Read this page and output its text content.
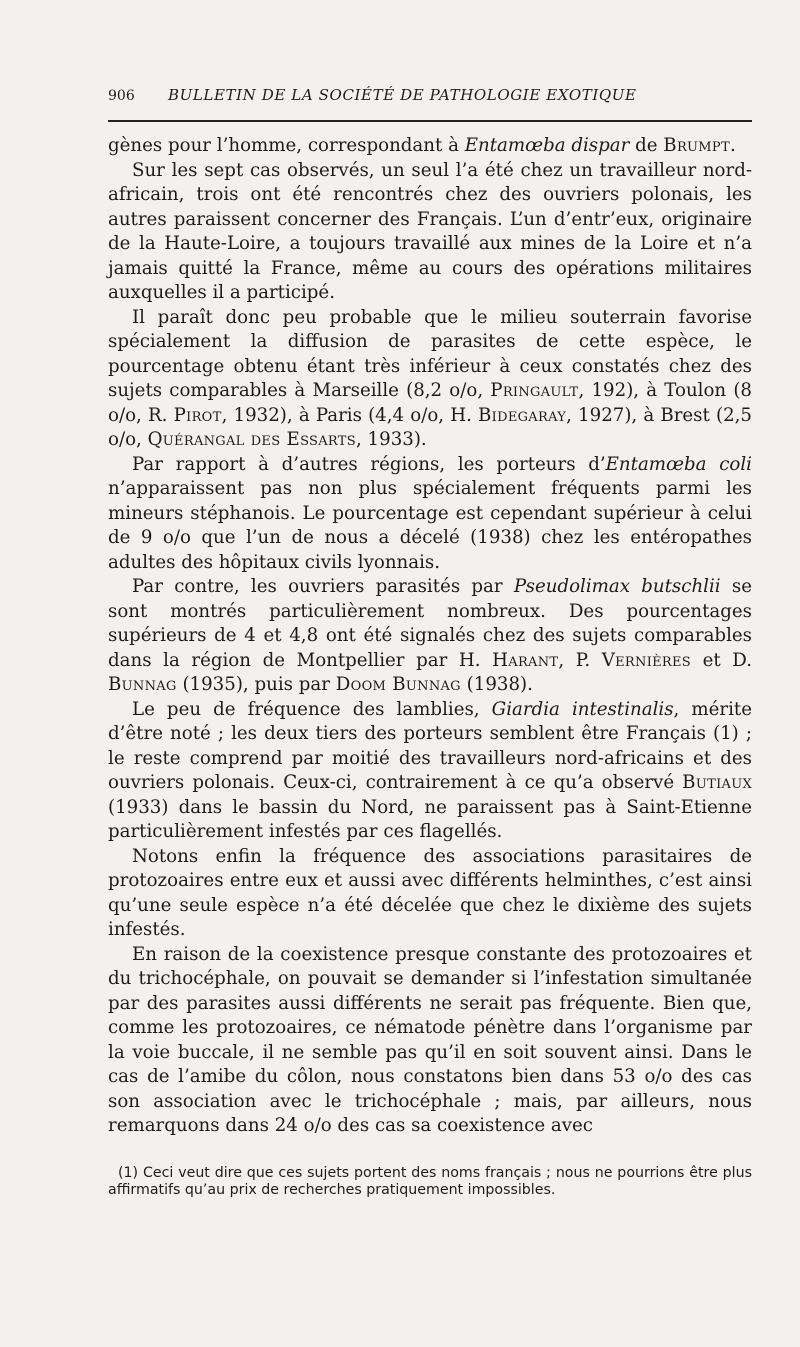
906	BULLETIN DE LA SOCIÉTÉ DE PATHOLOGIE EXOTIQUE

gènes pour l’homme, correspondant à Entamœba dispar de Brumpt.

Sur les sept cas observés, un seul l’a été chez un travailleur nord-africain, trois ont été rencontrés chez des ouvriers polonais, les autres paraissent concerner des Français. L’un d’entr’eux, originaire de la Haute-Loire, a toujours travaillé aux mines de la Loire et n’a jamais quitté la France, même au cours des opérations militaires auxquelles il a participé.

Il paraît donc peu probable que le milieu souterrain favorise spécialement la diffusion de parasites de cette espèce, le pourcentage obtenu étant très inférieur à ceux constatés chez des sujets comparables à Marseille (8,2 o/o, Pringault, 192), à Toulon (8 o/o, R. Pirot, 1932), à Paris (4,4 o/o, H. Bidegaray, 1927), à Brest (2,5 o/o, Quérangal des Essarts, 1933).

Par rapport à d’autres régions, les porteurs d’Entamœba coli n’apparaissent pas non plus spécialement fréquents parmi les mineurs stéphanois. Le pourcentage est cependant supérieur à celui de 9 o/o que l’un de nous a décelé (1938) chez les entéropathes adultes des hôpitaux civils lyonnais.

Par contre, les ouvriers parasités par Pseudolimax butschlii se sont montrés particulièrement nombreux. Des pourcentages supérieurs de 4 et 4,8 ont été signalés chez des sujets comparables dans la région de Montpellier par H. Harant, P. Vernières et D. Bunnag (1935), puis par Doom Bunnag (1938).

Le peu de fréquence des lamblies, Giardia intestinalis, mérite d’être noté ; les deux tiers des porteurs semblent être Français (1) ; le reste comprend par moitié des travailleurs nord-africains et des ouvriers polonais. Ceux-ci, contrairement à ce qu’a observé Butiaux (1933) dans le bassin du Nord, ne paraissent pas à Saint-Etienne particulièrement infestés par ces flagellés.

Notons enfin la fréquence des associations parasitaires de protozoaires entre eux et aussi avec différents helminthes, c’est ainsi qu’une seule espèce n’a été décelée que chez le dixième des sujets infestés.

En raison de la coexistence presque constante des protozoaires et du trichocéphale, on pouvait se demander si l’infestation simultanée par des parasites aussi différents ne serait pas fréquente. Bien que, comme les protozoaires, ce nématode pénètre dans l’organisme par la voie buccale, il ne semble pas qu’il en soit souvent ainsi. Dans le cas de l’amibe du côlon, nous constatons bien dans 53 o/o des cas son association avec le trichocéphale ; mais, par ailleurs, nous remarquons dans 24 o/o des cas sa coexistence avec

(1) Ceci veut dire que ces sujets portent des noms français ; nous ne pourrions être plus affirmatifs qu’au prix de recherches pratiquement impossibles.
